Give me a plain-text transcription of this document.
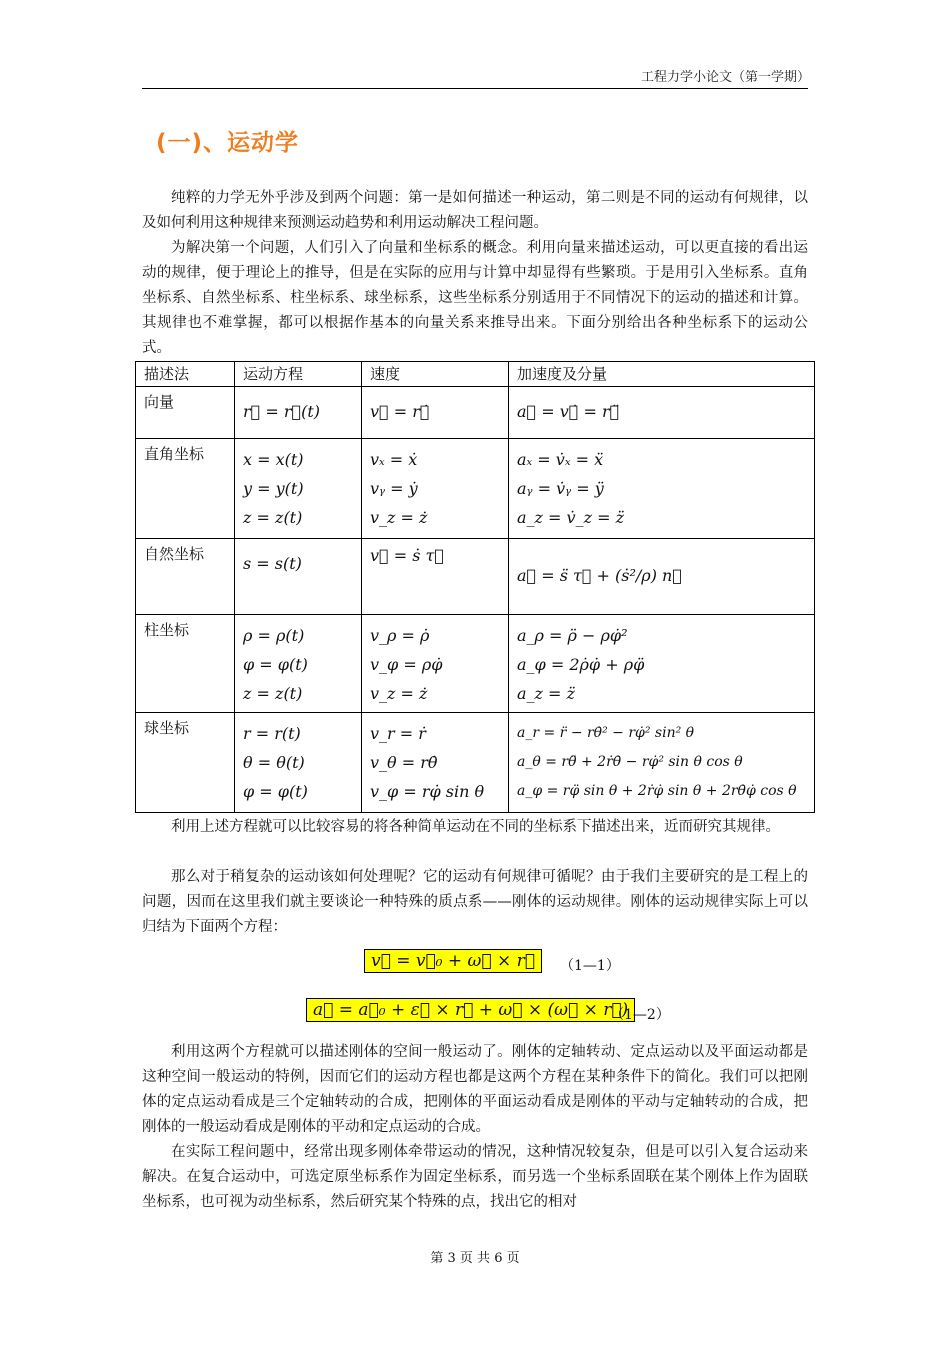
工程力学小论文（第一学期）
(一)、运动学

纯粹的力学无外乎涉及到两个问题：第一是如何描述一种运动，第二则是不同的运动有何规律，以及如何利用这种规律来预测运动趋势和利用运动解决工程问题。

为解决第一个问题，人们引入了向量和坐标系的概念。利用向量来描述运动，可以更直接的看出运动的规律，便于理论上的推导，但是在实际的应用与计算中却显得有些繁琐。于是用引入坐标系。直角坐标系、自然坐标系、柱坐标系、球坐标系，这些坐标系分别适用于不同情况下的运动的描述和计算。其规律也不难掌握，都可以根据作基本的向量关系来推导出来。下面分别给出各种坐标系下的运动公式。

描述法	运动方程	速度	加速度及分量
向量	r⃗ = r⃗(t)	v⃗ = r⃗̇	a⃗ = v⃗̇ = r⃗̈

直角坐标	x = x(t)
y = y(t)
z = z(t)	vₓ = ẋ
vᵧ = ẏ
v_z = ż	aₓ = v̇ₓ = ẍ
aᵧ = v̇ᵧ = ÿ
a_z = v̇_z = z̈

自然坐标	s = s(t)	v⃗ = ṡ τ⃗	a⃗ = s̈ τ⃗ + (ṡ²/ρ) n⃗

柱坐标	ρ = ρ(t)
φ = φ(t)
z = z(t)	v_ρ = ρ̇
v_φ = ρφ̇
v_z = ż	a_ρ = ρ̈ − ρφ̇²
a_φ = 2ρ̇φ̇ + ρφ̈
a_z = z̈

球坐标	r = r(t)
θ = θ(t)
φ = φ(t)	v_r = ṙ
v_θ = rθ̇
v_φ = rφ̇ sin θ	a_r = r̈ − rθ̇² − rφ̇² sin² θ
a_θ = rθ̈ + 2ṙθ̇ − rφ̇² sin θ cos θ
a_φ = rφ̈ sin θ + 2ṙφ̇ sin θ + 2rθ̇φ̇ cos θ

利用上述方程就可以比较容易的将各种简单运动在不同的坐标系下描述出来，近而研究其规律。

那么对于稍复杂的运动该如何处理呢？它的运动有何规律可循呢？由于我们主要研究的是工程上的问题，因而在这里我们就主要谈论一种特殊的质点系——刚体的运动规律。刚体的运动规律实际上可以归结为下面两个方程：

v⃗ = v⃗₀ + ω⃗ × r⃗	（1—1）
a⃗ = a⃗₀ + ε⃗ × r⃗ + ω⃗ × (ω⃗ × r⃗)
（1—2）

利用这两个方程就可以描述刚体的空间一般运动了。刚体的定轴转动、定点运动以及平面运动都是这种空间一般运动的特例，因而它们的运动方程也都是这两个方程在某种条件下的简化。我们可以把刚体的定点运动看成是三个定轴转动的合成，把刚体的平面运动看成是刚体的平动与定轴转动的合成，把刚体的一般运动看成是刚体的平动和定点运动的合成。

在实际工程问题中，经常出现多刚体牵带运动的情况，这种情况较复杂，但是可以引入复合运动来解决。在复合运动中，可选定原坐标系作为固定坐标系，而另选一个坐标系固联在某个刚体上作为固联坐标系，也可视为动坐标系，然后研究某个特殊的点，找出它的相对

第 3 页 共 6 页
